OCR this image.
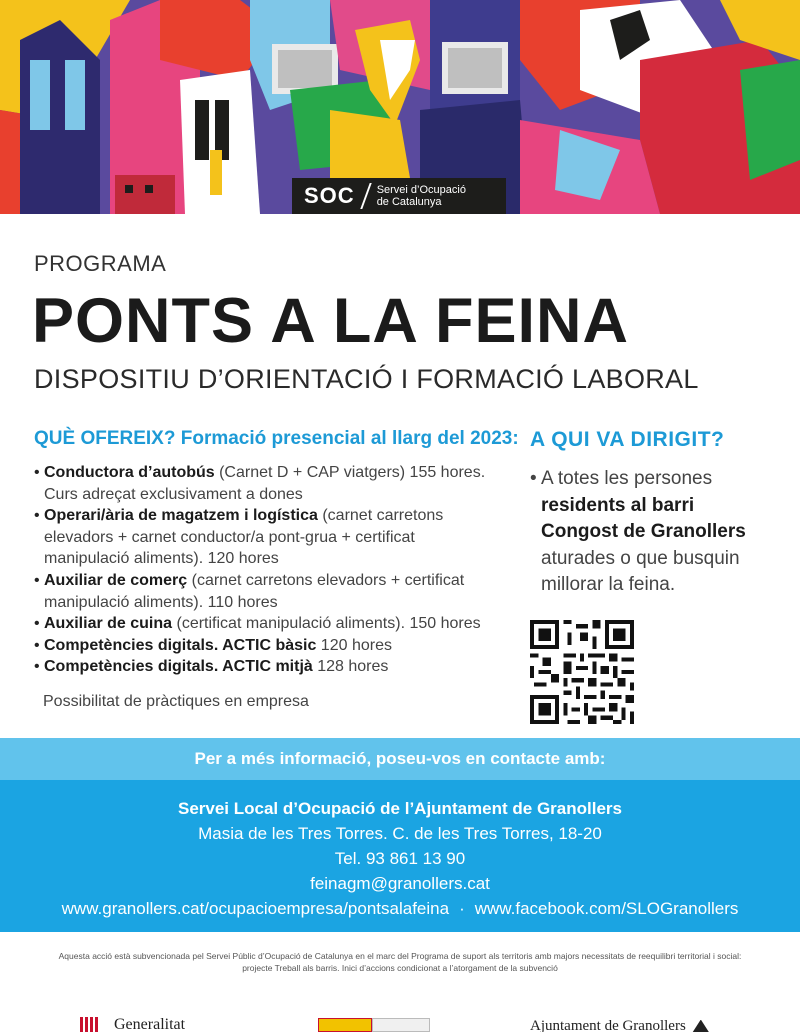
SOC Servei d’Ocupació
de Catalunya
PROGRAMA
PONTS A LA FEINA
DISPOSITIU D’ORIENTACIÓ I FORMACIÓ LABORAL
QUÈ OFEREIX? Formació presencial al llarg del 2023:
• Conductora d’autobús (Carnet D + CAP viatgers) 155 hores. Curs adreçat exclusivament a dones
• Operari/ària de magatzem i logística (carnet carretons elevadors + carnet conductor/a pont-grua + certificat manipulació aliments). 120 hores
• Auxiliar de comerç (carnet carretons elevadors + certificat manipulació aliments). 110 hores
• Auxiliar de cuina (certificat manipulació aliments). 150 hores
• Competències digitals. ACTIC bàsic 120 hores
• Competències digitals. ACTIC mitjà 128 hores
Possibilitat de pràctiques en empresa
A QUI VA DIRIGIT?
• A totes les persones
residents al barri
Congost de Granollers
aturades o que busquin
millorar la feina.
Per a més informació, poseu-vos en contacte amb:
Servei Local d’Ocupació de l’Ajuntament de Granollers
Masia de les Tres Torres. C. de les Tres Torres, 18-20
Tel. 93 861 13 90
feinagm@granollers.cat
www.granollers.cat/ocupacioempresa/pontsalafeina · www.facebook.com/SLOGranollers
Aquesta acció està subvencionada pel Servei Públic d’Ocupació de Catalunya en el marc del Programa de suport als territoris amb majors necessitats de reequilibri territorial i social:
projecte Treball als barris. Inici d’accions condicionat a l’atorgament de la subvenció
Generalitat	Ajuntament de Granollers
